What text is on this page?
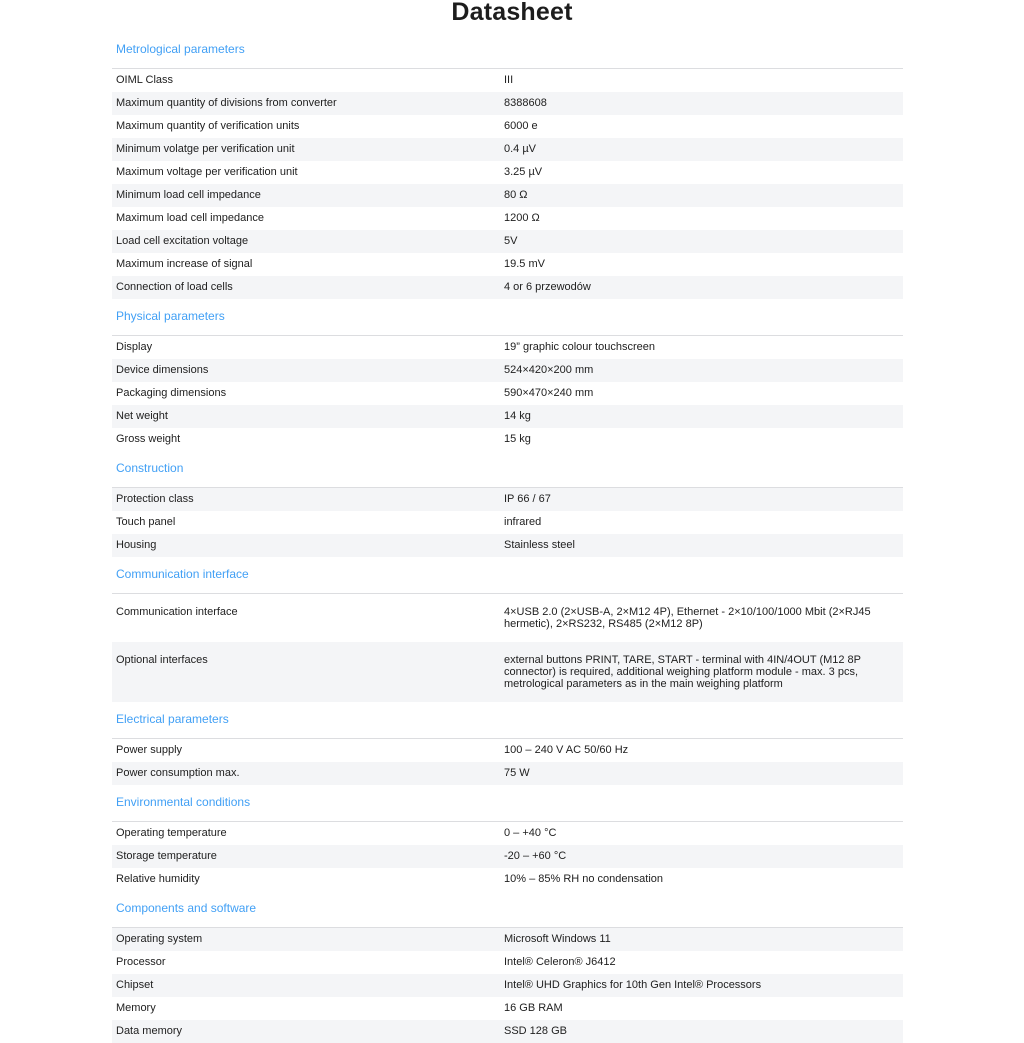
Datasheet
Metrological parameters
OIML Class	III
Maximum quantity of divisions from converter	8388608
Maximum quantity of verification units	6000 e
Minimum volatge per verification unit	0.4 µV
Maximum voltage per verification unit	3.25 µV
Minimum load cell impedance	80 Ω
Maximum load cell impedance	1200 Ω
Load cell excitation voltage	5V
Maximum increase of signal	19.5 mV
Connection of load cells	4 or 6 przewodów
Physical parameters
Display	19” graphic colour touchscreen
Device dimensions	524×420×200 mm
Packaging dimensions	590×470×240 mm
Net weight	14 kg
Gross weight	15 kg
Construction
Protection class	IP 66 / 67
Touch panel	infrared
Housing	Stainless steel
Communication interface
Communication interface	4×USB 2.0 (2×USB-A, 2×M12 4P), Ethernet - 2×10/100/1000 Mbit (2×RJ45 hermetic), 2×RS232, RS485 (2×M12 8P)
Optional interfaces	external buttons PRINT, TARE, START - terminal with 4IN/4OUT (M12 8P connector) is required, additional weighing platform module - max. 3 pcs, metrological parameters as in the main weighing platform
Electrical parameters
Power supply	100 – 240 V AC 50/60 Hz
Power consumption max.	75 W
Environmental conditions
Operating temperature	0 – +40 °C
Storage temperature	-20 – +60 °C
Relative humidity	10% – 85% RH no condensation
Components and software
Operating system	Microsoft Windows 11
Processor	Intel® Celeron® J6412
Chipset	Intel® UHD Graphics for 10th Gen Intel® Processors
Memory	16 GB RAM
Data memory	SSD 128 GB
